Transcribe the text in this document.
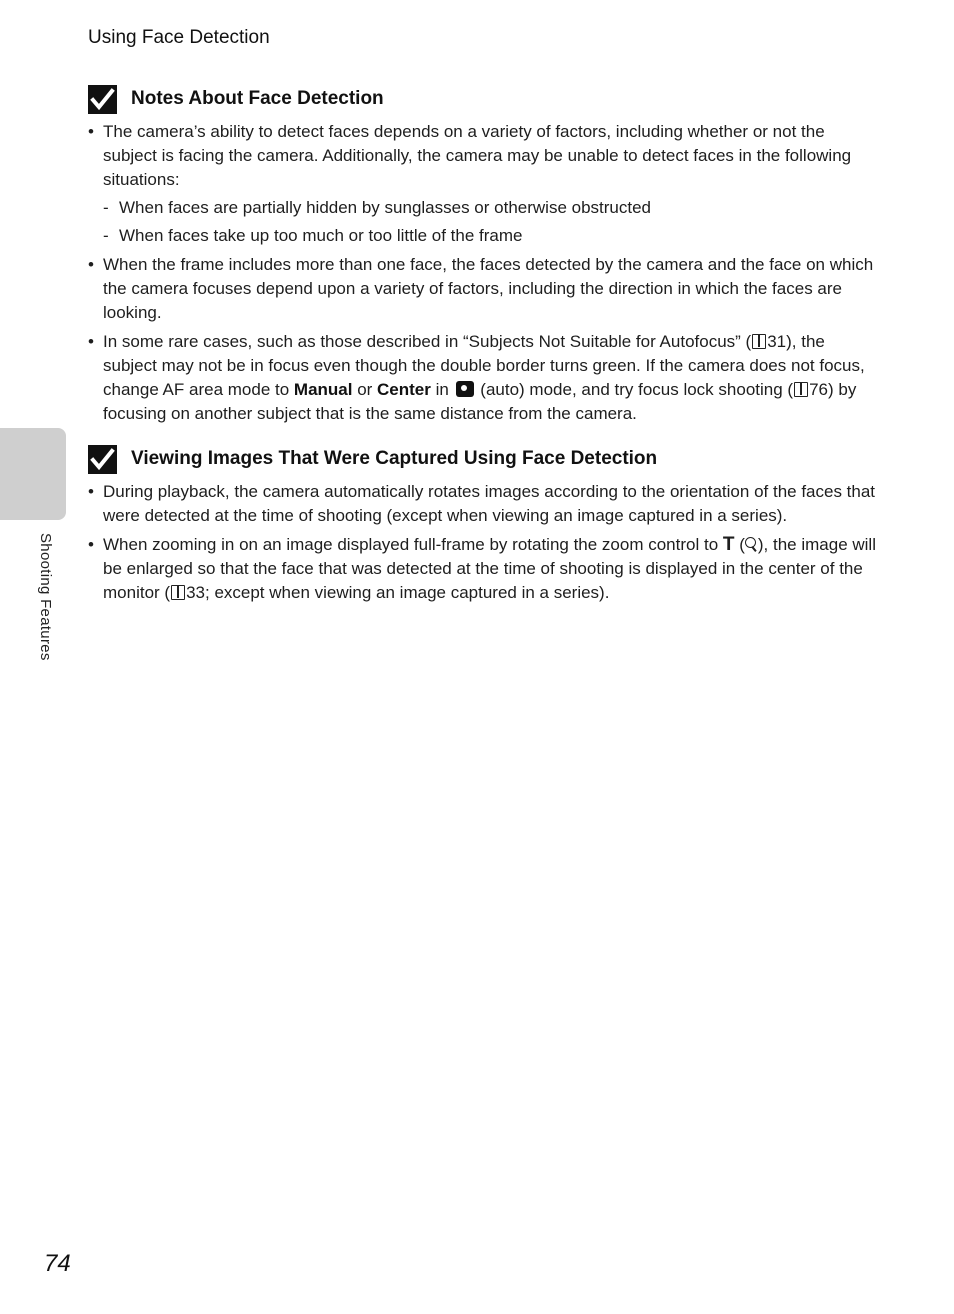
Using Face Detection
Shooting Features
Notes About Face Detection
• The camera’s ability to detect faces depends on a variety of factors, including whether or not the subject is facing the camera. Additionally, the camera may be unable to detect faces in the following situations:
- When faces are partially hidden by sunglasses or otherwise obstructed
- When faces take up too much or too little of the frame
• When the frame includes more than one face, the faces detected by the camera and the face on which the camera focuses depend upon a variety of factors, including the direction in which the faces are looking.
• In some rare cases, such as those described in “Subjects Not Suitable for Autofocus” ( 31), the subject may not be in focus even though the double border turns green. If the camera does not focus, change AF area mode to Manual or Center in  (auto) mode, and try focus lock shooting ( 76) by focusing on another subject that is the same distance from the camera.
Viewing Images That Were Captured Using Face Detection
• During playback, the camera automatically rotates images according to the orientation of the faces that were detected at the time of shooting (except when viewing an image captured in a series).
• When zooming in on an image displayed full-frame by rotating the zoom control to T ( ), the image will be enlarged so that the face that was detected at the time of shooting is displayed in the center of the monitor ( 33; except when viewing an image captured in a series).
74
